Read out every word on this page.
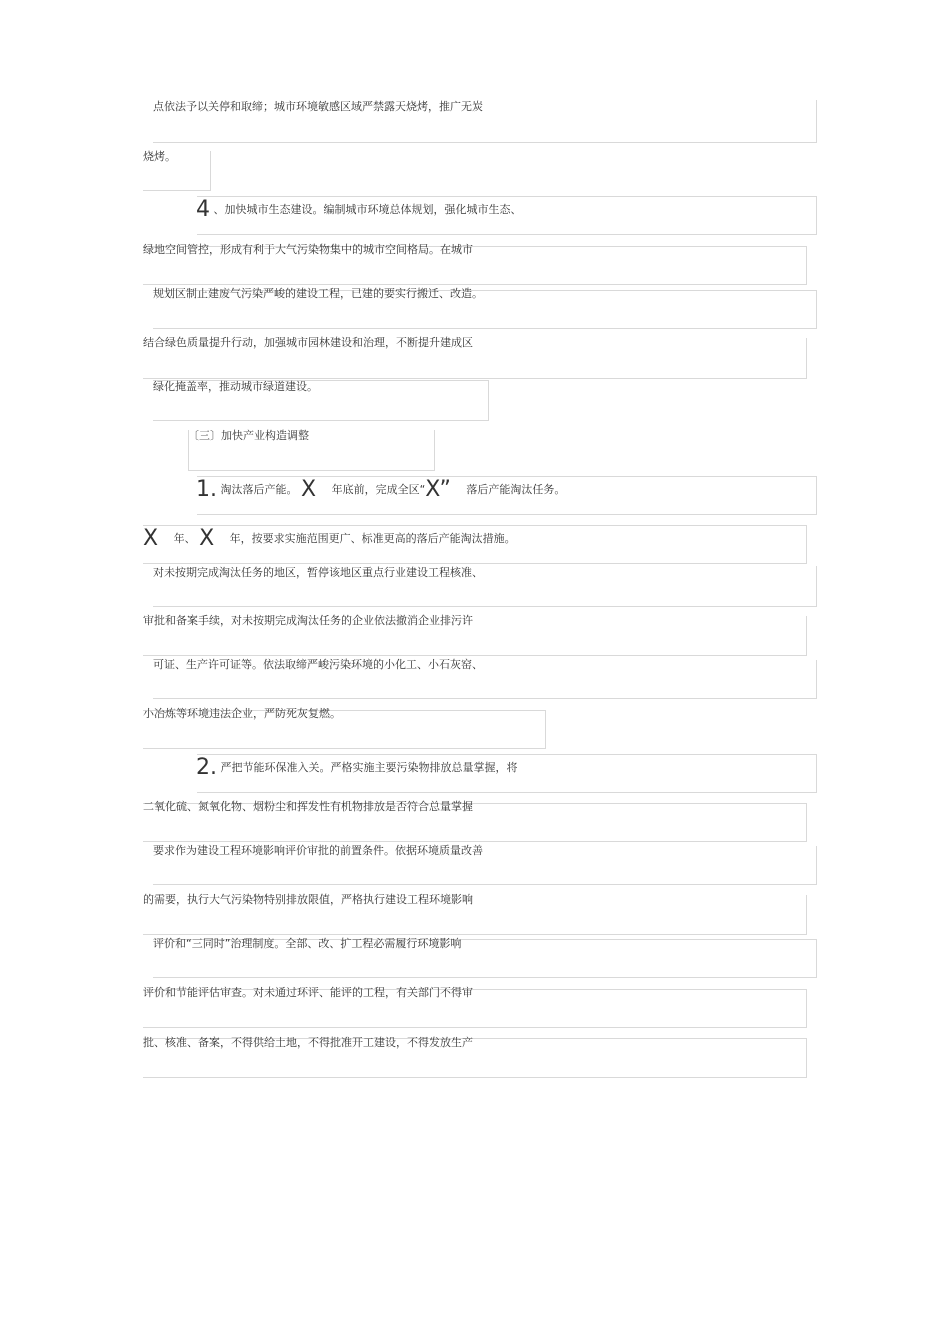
点依法予以关停和取缔；城市环境敏感区域严禁露天烧烤，推广无炭
烧烤。
4 、加快城市生态建设。编制城市环境总体规划，强化城市生态、
绿地空间管控，形成有利于大气污染物集中的城市空间格局。在城市
规划区制止建废气污染严峻的建设工程，已建的要实行搬迁、改造。
结合绿色质量提升行动，加强城市园林建设和治理，不断提升建成区
绿化掩盖率，推动城市绿道建设。
〔三〕加快产业构造调整
1. 淘汰落后产能。 X 年底前，完成全区“X” 落后产能淘汰任务。
X 年、 X 年，按要求实施范围更广、标准更高的落后产能淘汰措施。
对未按期完成淘汰任务的地区，暂停该地区重点行业建设工程核准、
审批和备案手续，对未按期完成淘汰任务的企业依法撤消企业排污许
可证、生产许可证等。依法取缔严峻污染环境的小化工、小石灰窑、
小冶炼等环境违法企业，严防死灰复燃。
2. 严把节能环保准入关。严格实施主要污染物排放总量掌握，将
二氧化硫、氮氧化物、烟粉尘和挥发性有机物排放是否符合总量掌握
要求作为建设工程环境影响评价审批的前置条件。依据环境质量改善
的需要，执行大气污染物特别排放限值，严格执行建设工程环境影响
评价和“三同时”治理制度。全部、改、扩工程必需履行环境影响
评价和节能评估审查。对未通过环评、能评的工程，有关部门不得审
批、核准、备案，不得供给土地，不得批准开工建设，不得发放生产
